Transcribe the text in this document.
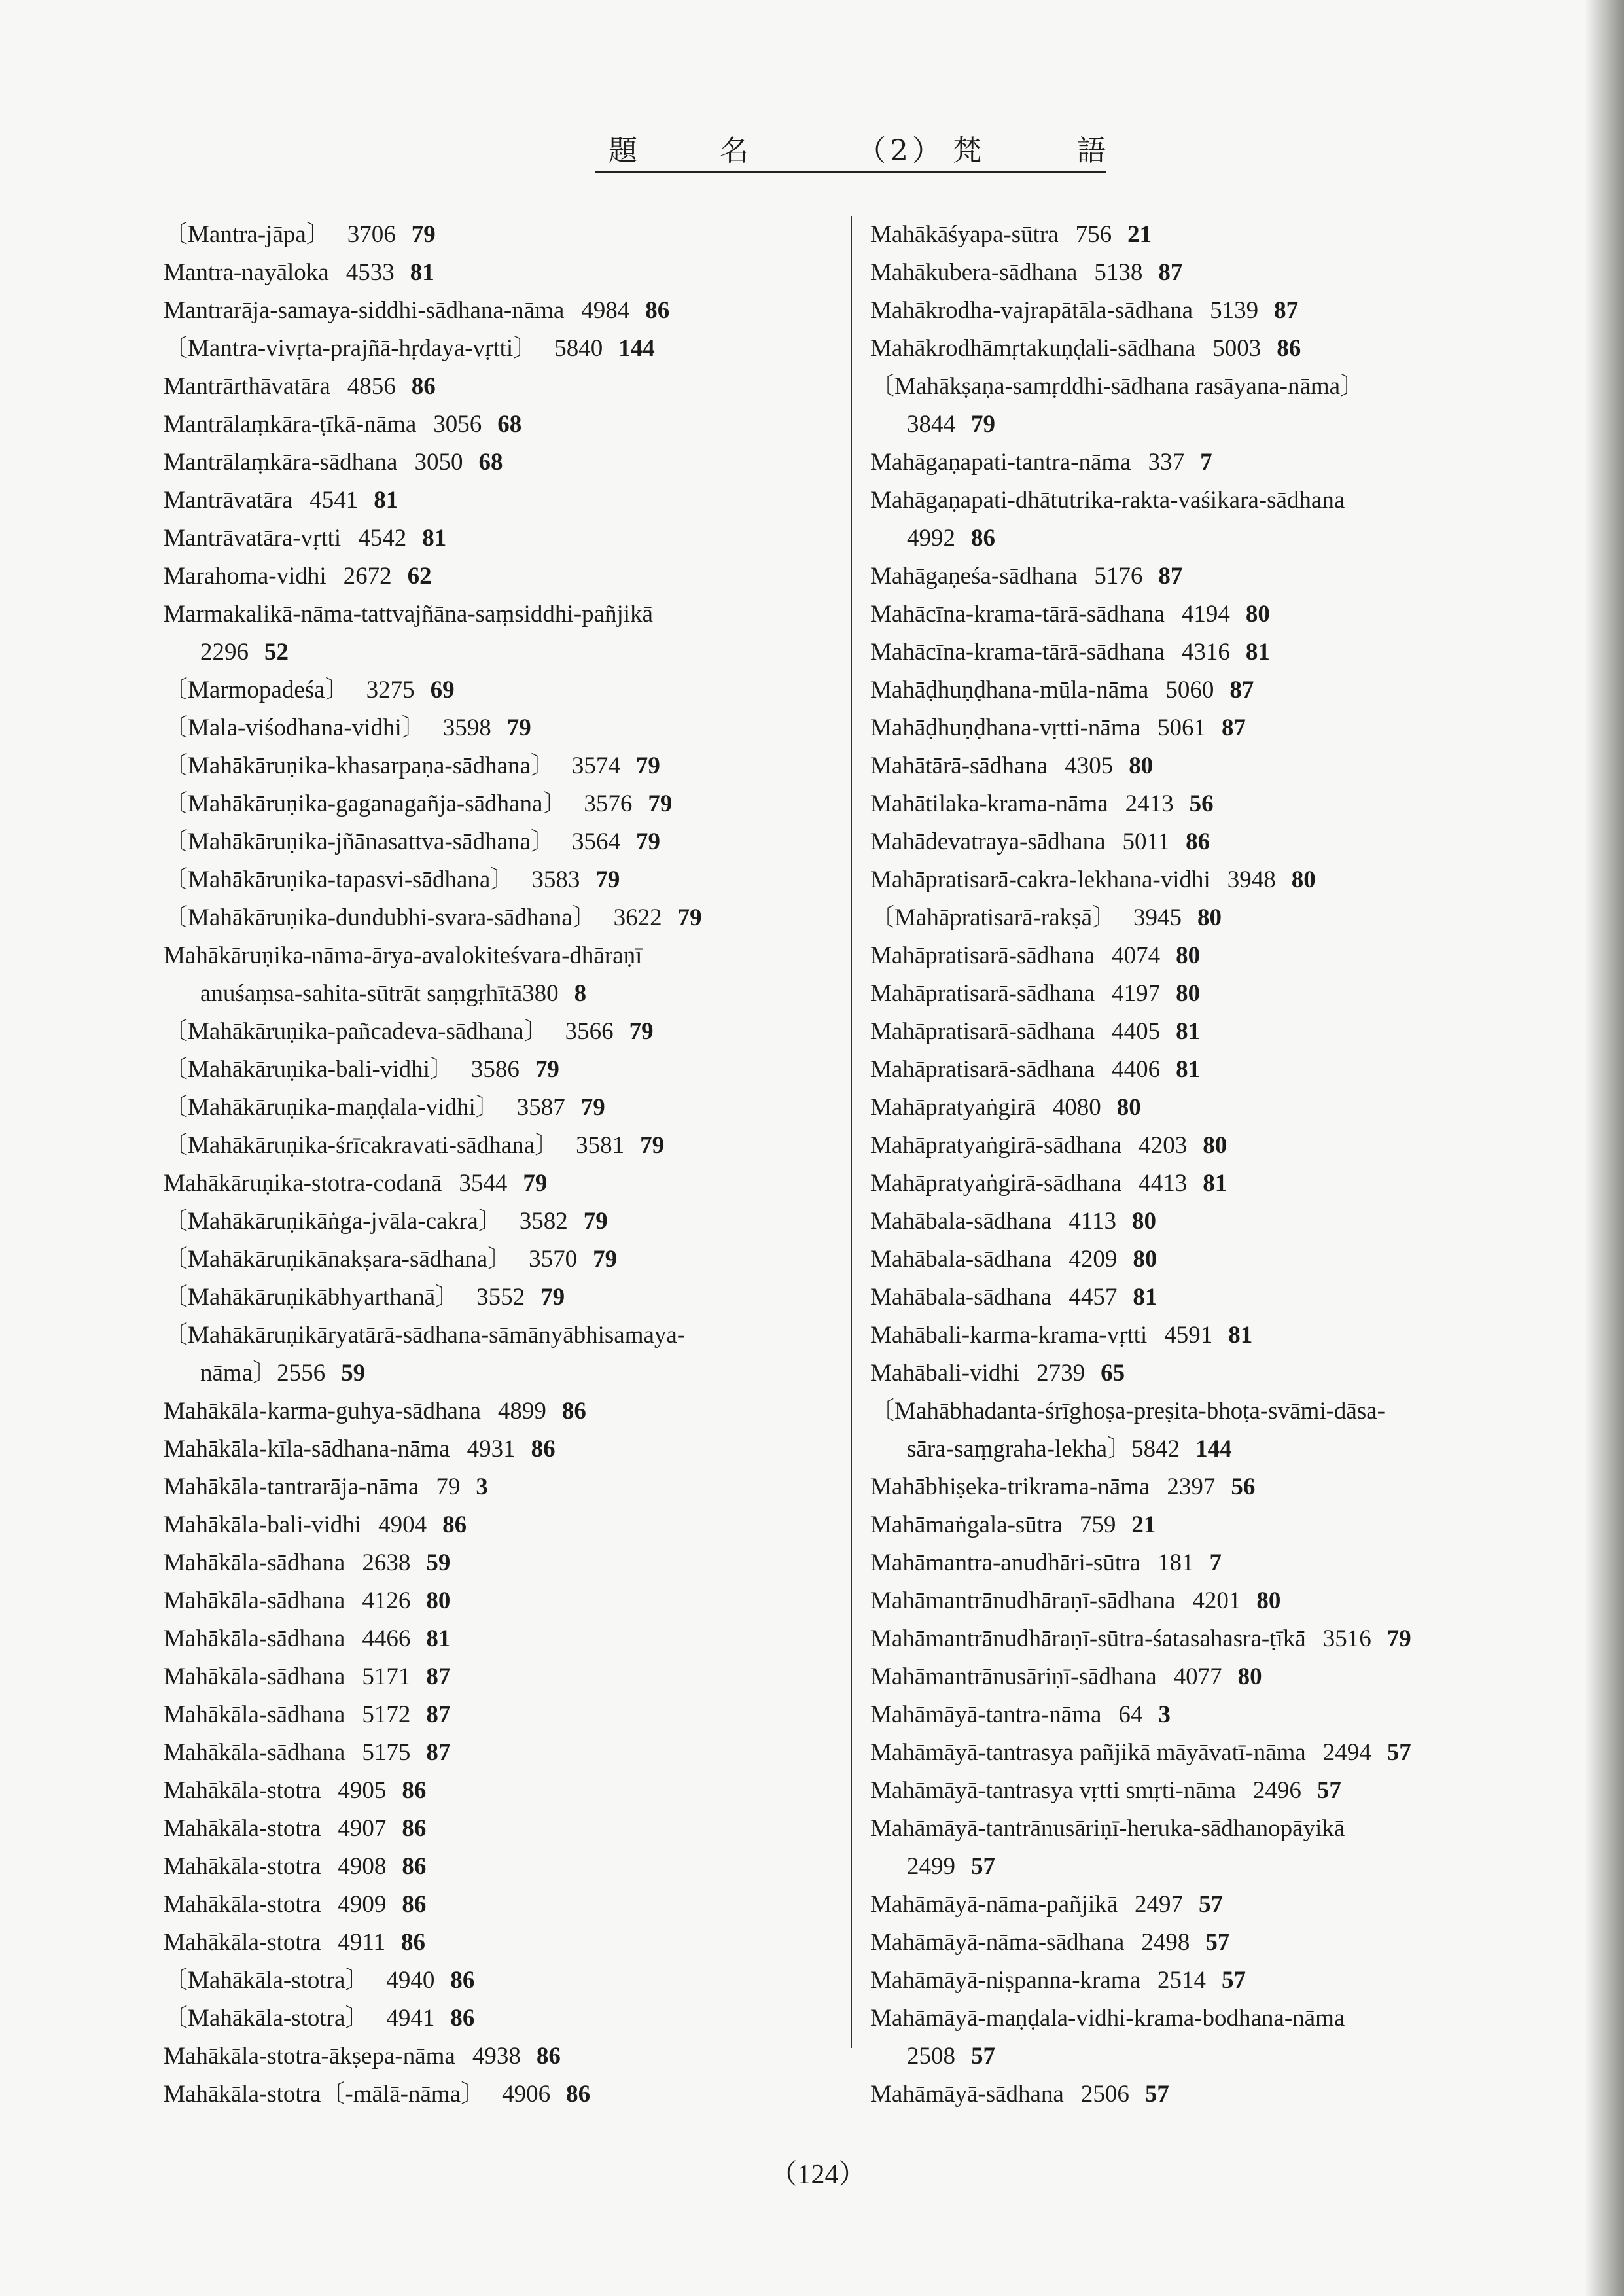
題	名	（2） 梵	語
〔Mantra-jāpa〕 3706 79
Mantra-nayāloka 4533 81
Mantrarāja-samaya-siddhi-sādhana-nāma 4984 86
〔Mantra-vivṛta-prajñā-hṛdaya-vṛtti〕 5840 144
Mantrārthāvatāra 4856 86
Mantrālaṃkāra-ṭīkā-nāma 3056 68
Mantrālaṃkāra-sādhana 3050 68
Mantrāvatāra 4541 81
Mantrāvatāra-vṛtti 4542 81
Marahoma-vidhi 2672 62
Marmakalikā-nāma-tattvajñāna-saṃsiddhi-pañjikā
2296 52
〔Marmopadeśa〕 3275 69
〔Mala-viśodhana-vidhi〕 3598 79
〔Mahākāruṇika-khasarpaṇa-sādhana〕 3574 79
〔Mahākāruṇika-gaganagañja-sādhana〕 3576 79
〔Mahākāruṇika-jñānasattva-sādhana〕 3564 79
〔Mahākāruṇika-tapasvi-sādhana〕 3583 79
〔Mahākāruṇika-dundubhi-svara-sādhana〕 3622 79
Mahākāruṇika-nāma-ārya-avalokiteśvara-dhāraṇī
anuśaṃsa-sahita-sūtrāt saṃgṛhītā380 8
〔Mahākāruṇika-pañcadeva-sādhana〕 3566 79
〔Mahākāruṇika-bali-vidhi〕 3586 79
〔Mahākāruṇika-maṇḍala-vidhi〕 3587 79
〔Mahākāruṇika-śrīcakravati-sādhana〕 3581 79
Mahākāruṇika-stotra-codanā 3544 79
〔Mahākāruṇikāṅga-jvāla-cakra〕 3582 79
〔Mahākāruṇikānakṣara-sādhana〕 3570 79
〔Mahākāruṇikābhyarthanā〕 3552 79
〔Mahākāruṇikāryatārā-sādhana-sāmānyābhisamaya-
nāma〕2556 59
Mahākāla-karma-guhya-sādhana 4899 86
Mahākāla-kīla-sādhana-nāma 4931 86
Mahākāla-tantrarāja-nāma 79 3
Mahākāla-bali-vidhi 4904 86
Mahākāla-sādhana 2638 59
Mahākāla-sādhana 4126 80
Mahākāla-sādhana 4466 81
Mahākāla-sādhana 5171 87
Mahākāla-sādhana 5172 87
Mahākāla-sādhana 5175 87
Mahākāla-stotra 4905 86
Mahākāla-stotra 4907 86
Mahākāla-stotra 4908 86
Mahākāla-stotra 4909 86
Mahākāla-stotra 4911 86
〔Mahākāla-stotra〕 4940 86
〔Mahākāla-stotra〕 4941 86
Mahākāla-stotra-ākṣepa-nāma 4938 86
Mahākāla-stotra〔-mālā-nāma〕 4906 86
Mahākāśyapa-sūtra 756 21
Mahākubera-sādhana 5138 87
Mahākrodha-vajrapātāla-sādhana 5139 87
Mahākrodhāmṛtakuṇḍali-sādhana 5003 86
〔Mahākṣaṇa-samṛddhi-sādhana rasāyana-nāma〕
3844 79
Mahāgaṇapati-tantra-nāma 337 7
Mahāgaṇapati-dhātutrika-rakta-vaśikara-sādhana
4992 86
Mahāgaṇeśa-sādhana 5176 87
Mahācīna-krama-tārā-sādhana 4194 80
Mahācīna-krama-tārā-sādhana 4316 81
Mahāḍhuṇḍhana-mūla-nāma 5060 87
Mahāḍhuṇḍhana-vṛtti-nāma 5061 87
Mahātārā-sādhana 4305 80
Mahātilaka-krama-nāma 2413 56
Mahādevatraya-sādhana 5011 86
Mahāpratisarā-cakra-lekhana-vidhi 3948 80
〔Mahāpratisarā-rakṣā〕 3945 80
Mahāpratisarā-sādhana 4074 80
Mahāpratisarā-sādhana 4197 80
Mahāpratisarā-sādhana 4405 81
Mahāpratisarā-sādhana 4406 81
Mahāpratyaṅgirā 4080 80
Mahāpratyaṅgirā-sādhana 4203 80
Mahāpratyaṅgirā-sādhana 4413 81
Mahābala-sādhana 4113 80
Mahābala-sādhana 4209 80
Mahābala-sādhana 4457 81
Mahābali-karma-krama-vṛtti 4591 81
Mahābali-vidhi 2739 65
〔Mahābhadanta-śrīghoṣa-preṣita-bhoṭa-svāmi-dāsa-
sāra-saṃgraha-lekha〕5842 144
Mahābhiṣeka-trikrama-nāma 2397 56
Mahāmaṅgala-sūtra 759 21
Mahāmantra-anudhāri-sūtra 181 7
Mahāmantrānudhāraṇī-sādhana 4201 80
Mahāmantrānudhāraṇī-sūtra-śatasahasra-ṭīkā 3516 79
Mahāmantrānusāriṇī-sādhana 4077 80
Mahāmāyā-tantra-nāma 64 3
Mahāmāyā-tantrasya pañjikā māyāvatī-nāma 2494 57
Mahāmāyā-tantrasya vṛtti smṛti-nāma 2496 57
Mahāmāyā-tantrānusāriṇī-heruka-sādhanopāyikā
2499 57
Mahāmāyā-nāma-pañjikā 2497 57
Mahāmāyā-nāma-sādhana 2498 57
Mahāmāyā-niṣpanna-krama 2514 57
Mahāmāyā-maṇḍala-vidhi-krama-bodhana-nāma
2508 57
Mahāmāyā-sādhana 2506 57
（124）
